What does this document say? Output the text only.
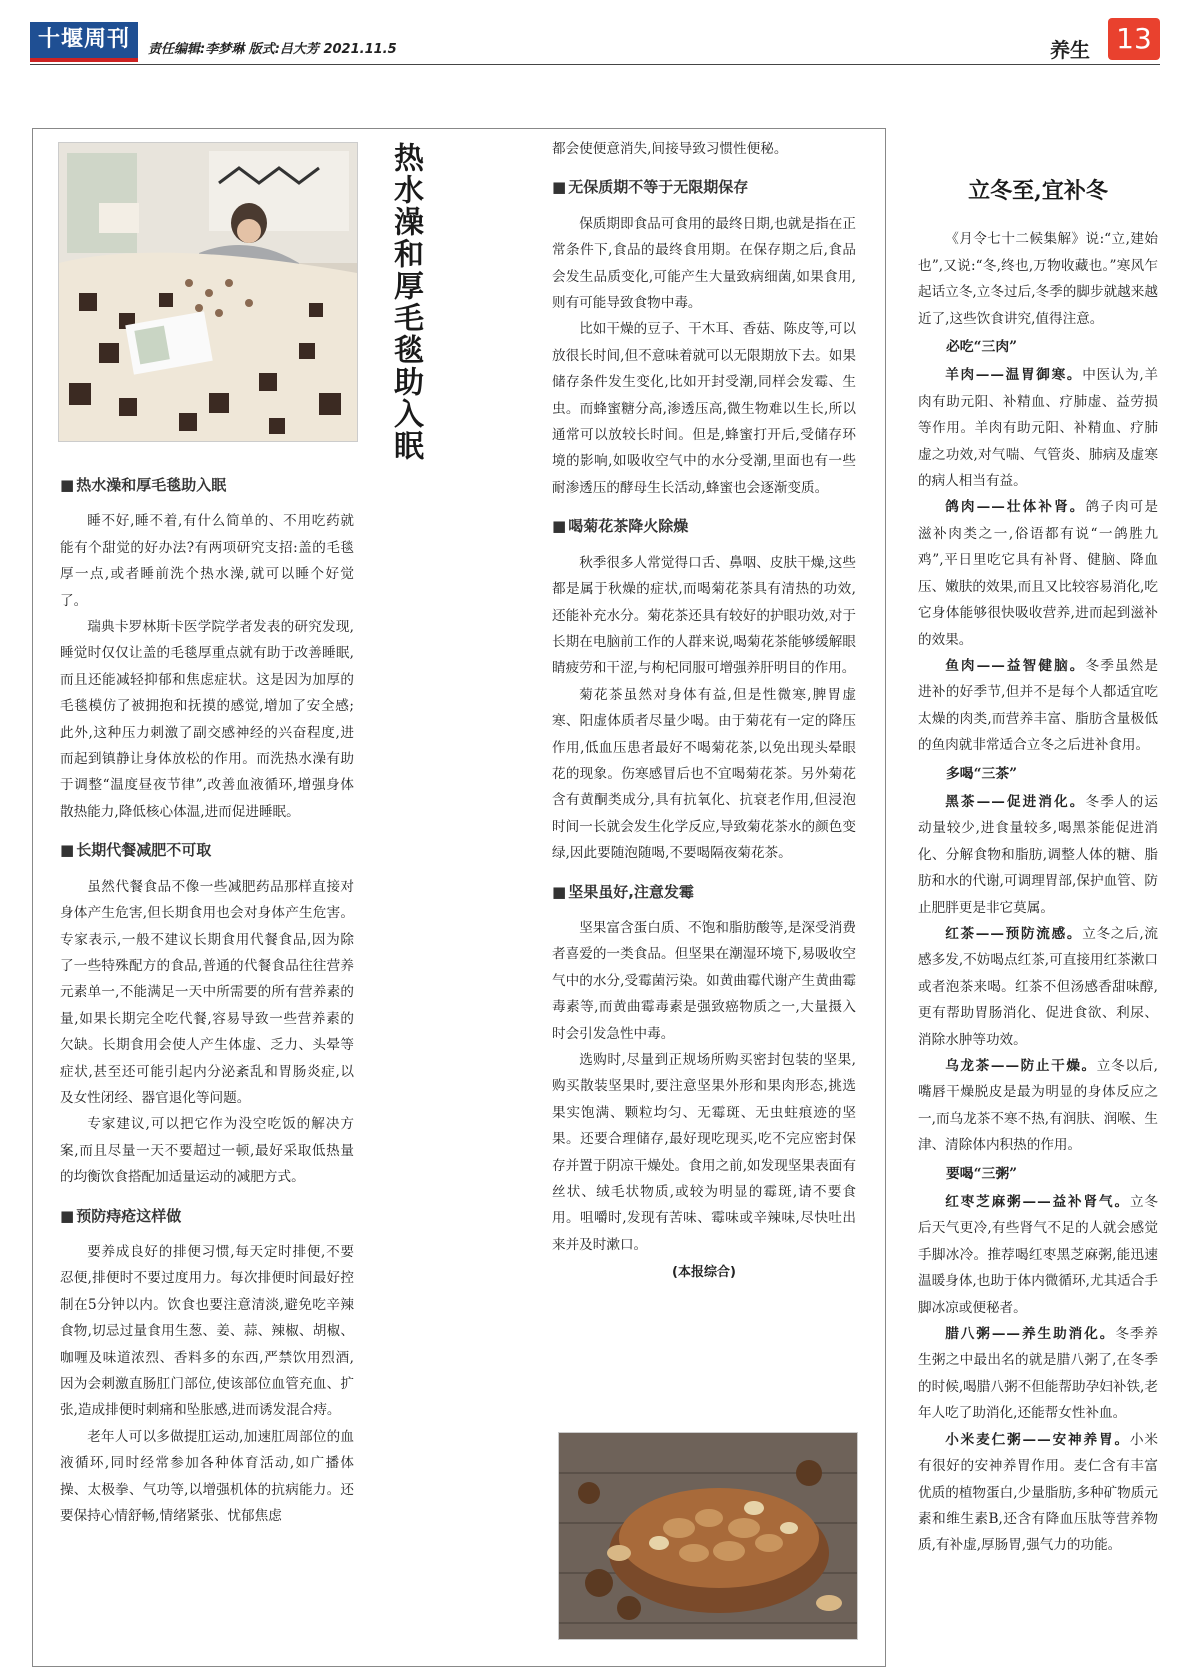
十堰周刊	责任编辑:李梦琳 版式:吕大芳 2021.11.5	养生 13
热水澡和厚毛毯助入眠
■ 热水澡和厚毛毯助入眠

睡不好,睡不着,有什么简单的、不用吃药就能有个甜觉的好办法?有两项研究支招:盖的毛毯厚一点,或者睡前洗个热水澡,就可以睡个好觉了。

瑞典卡罗林斯卡医学院学者发表的研究发现,睡觉时仅仅让盖的毛毯厚重点就有助于改善睡眠,而且还能减轻抑郁和焦虑症状。这是因为加厚的毛毯模仿了被拥抱和抚摸的感觉,增加了安全感;此外,这种压力刺激了副交感神经的兴奋程度,进而起到镇静让身体放松的作用。而洗热水澡有助于调整“温度昼夜节律”,改善血液循环,增强身体散热能力,降低核心体温,进而促进睡眠。

■ 长期代餐减肥不可取

虽然代餐食品不像一些减肥药品那样直接对身体产生危害,但长期食用也会对身体产生危害。专家表示,一般不建议长期食用代餐食品,因为除了一些特殊配方的食品,普通的代餐食品往往营养元素单一,不能满足一天中所需要的所有营养素的量,如果长期完全吃代餐,容易导致一些营养素的欠缺。长期食用会使人产生体虚、乏力、头晕等症状,甚至还可能引起内分泌紊乱和胃肠炎症,以及女性闭经、器官退化等问题。

专家建议,可以把它作为没空吃饭的解决方案,而且尽量一天不要超过一顿,最好采取低热量的均衡饮食搭配加适量运动的减肥方式。

■ 预防痔疮这样做

要养成良好的排便习惯,每天定时排便,不要忍便,排便时不要过度用力。每次排便时间最好控制在5分钟以内。饮食也要注意清淡,避免吃辛辣食物,切忌过量食用生葱、姜、蒜、辣椒、胡椒、咖喱及味道浓烈、香料多的东西,严禁饮用烈酒,因为会刺激直肠肛门部位,使该部位血管充血、扩张,造成排便时刺痛和坠胀感,进而诱发混合痔。

老年人可以多做提肛运动,加速肛周部位的血液循环,同时经常参加各种体育活动,如广播体操、太极拳、气功等,以增强机体的抗病能力。还要保持心情舒畅,情绪紧张、忧郁焦虑

都会使便意消失,间接导致习惯性便秘。

■ 无保质期不等于无限期保存

保质期即食品可食用的最终日期,也就是指在正常条件下,食品的最终食用期。在保存期之后,食品会发生品质变化,可能产生大量致病细菌,如果食用,则有可能导致食物中毒。

比如干燥的豆子、干木耳、香菇、陈皮等,可以放很长时间,但不意味着就可以无限期放下去。如果储存条件发生变化,比如开封受潮,同样会发霉、生虫。而蜂蜜糖分高,渗透压高,微生物难以生长,所以通常可以放较长时间。但是,蜂蜜打开后,受储存环境的影响,如吸收空气中的水分受潮,里面也有一些耐渗透压的酵母生长活动,蜂蜜也会逐渐变质。

■ 喝菊花茶降火除燥

秋季很多人常觉得口舌、鼻咽、皮肤干燥,这些都是属于秋燥的症状,而喝菊花茶具有清热的功效,还能补充水分。菊花茶还具有较好的护眼功效,对于长期在电脑前工作的人群来说,喝菊花茶能够缓解眼睛疲劳和干涩,与枸杞同服可增强养肝明目的作用。

菊花茶虽然对身体有益,但是性微寒,脾胃虚寒、阳虚体质者尽量少喝。由于菊花有一定的降压作用,低血压患者最好不喝菊花茶,以免出现头晕眼花的现象。伤寒感冒后也不宜喝菊花茶。另外菊花含有黄酮类成分,具有抗氧化、抗衰老作用,但浸泡时间一长就会发生化学反应,导致菊花茶水的颜色变绿,因此要随泡随喝,不要喝隔夜菊花茶。

■ 坚果虽好,注意发霉

坚果富含蛋白质、不饱和脂肪酸等,是深受消费者喜爱的一类食品。但坚果在潮湿环境下,易吸收空气中的水分,受霉菌污染。如黄曲霉代谢产生黄曲霉毒素等,而黄曲霉毒素是强致癌物质之一,大量摄入时会引发急性中毒。

选购时,尽量到正规场所购买密封包装的坚果,购买散装坚果时,要注意坚果外形和果肉形态,挑选果实饱满、颗粒均匀、无霉斑、无虫蛀痕迹的坚果。还要合理储存,最好现吃现买,吃不完应密封保存并置于阴凉干燥处。食用之前,如发现坚果表面有丝状、绒毛状物质,或较为明显的霉斑,请不要食用。咀嚼时,发现有苦味、霉味或辛辣味,尽快吐出来并及时漱口。

(本报综合)
立冬至,宜补冬

《月令七十二候集解》说:“立,建始也”,又说:“冬,终也,万物收藏也。”寒风乍起话立冬,立冬过后,冬季的脚步就越来越近了,这些饮食讲究,值得注意。

必吃“三肉”

羊肉——温胃御寒。中医认为,羊肉有助元阳、补精血、疗肺虚、益劳损等作用。羊肉有助元阳、补精血、疗肺虚之功效,对气喘、气管炎、肺病及虚寒的病人相当有益。

鸽肉——壮体补肾。鸽子肉可是滋补肉类之一,俗语都有说“一鸽胜九鸡”,平日里吃它具有补肾、健脑、降血压、嫩肤的效果,而且又比较容易消化,吃它身体能够很快吸收营养,进而起到滋补的效果。

鱼肉——益智健脑。冬季虽然是进补的好季节,但并不是每个人都适宜吃太燥的肉类,而营养丰富、脂肪含量极低的鱼肉就非常适合立冬之后进补食用。

多喝“三茶”

黑茶——促进消化。冬季人的运动量较少,进食量较多,喝黑茶能促进消化、分解食物和脂肪,调整人体的糖、脂肪和水的代谢,可调理胃部,保护血管、防止肥胖更是非它莫属。

红茶——预防流感。立冬之后,流感多发,不妨喝点红茶,可直接用红茶漱口或者泡茶来喝。红茶不但汤感香甜味醇,更有帮助胃肠消化、促进食欲、利尿、消除水肿等功效。

乌龙茶——防止干燥。立冬以后,嘴唇干燥脱皮是最为明显的身体反应之一,而乌龙茶不寒不热,有润肤、润喉、生津、清除体内积热的作用。

要喝“三粥”

红枣芝麻粥——益补肾气。立冬后天气更冷,有些肾气不足的人就会感觉手脚冰冷。推荐喝红枣黑芝麻粥,能迅速温暖身体,也助于体内微循环,尤其适合手脚冰凉或便秘者。

腊八粥——养生助消化。冬季养生粥之中最出名的就是腊八粥了,在冬季的时候,喝腊八粥不但能帮助孕妇补铁,老年人吃了助消化,还能帮女性补血。

小米麦仁粥——安神养胃。小米有很好的安神养胃作用。麦仁含有丰富优质的植物蛋白,少量脂肪,多种矿物质元素和维生素B,还含有降血压肽等营养物质,有补虚,厚肠胃,强气力的功能。
